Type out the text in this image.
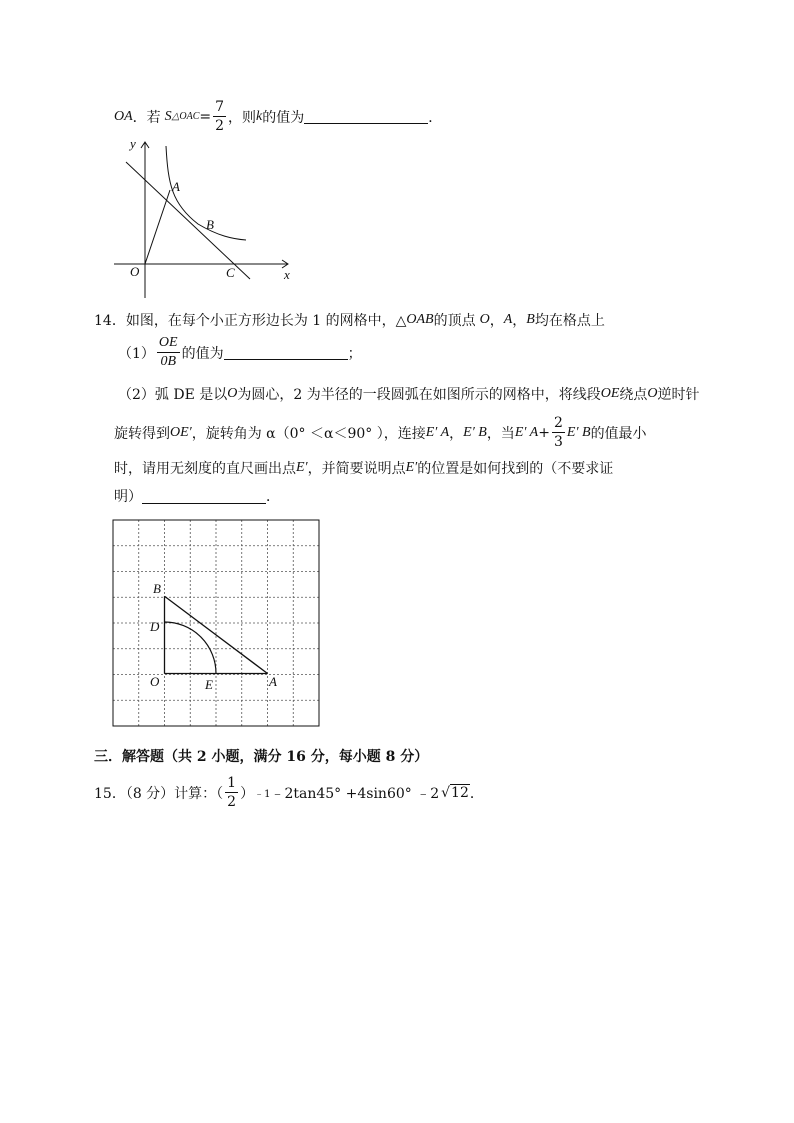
OA ．若 S △OAC = $\frac{7}{2}$ ，则 k 的值为	．
y
A
B
O	C	x
14．如图，在每个小正方形边长为 1 的网格中，△ OAB 的顶点 O ， A ， B 均在格点上
$(1) \frac{OE}{0B}$ 的值为	；
（2）弧 DE 是以 O 为圆心，2 为半径的一段圆弧在如图所示的网格中，将线段 OE 绕点 O 逆时针
旋转得到 OE′ ，旋转角为 α（0° ＜α＜90° ），连接 E′ A ， E′ B ，当 E′ $A + \frac{2}{3} E'$ B 的值最小
时，请用无刻度的直尺画出点 E′ ，并简要说明点 E′ 的位置是如何找到的（不要求证
明）	．
B
D
O	E	A
三．解答题（共 2 小题，满分 16 分，每小题 8 分）
15．（8 分）计算：（ $\frac{1}{2}$ ） ﹣1 ﹣2tan45° +4sin60° ﹣2 √ 12 ．
